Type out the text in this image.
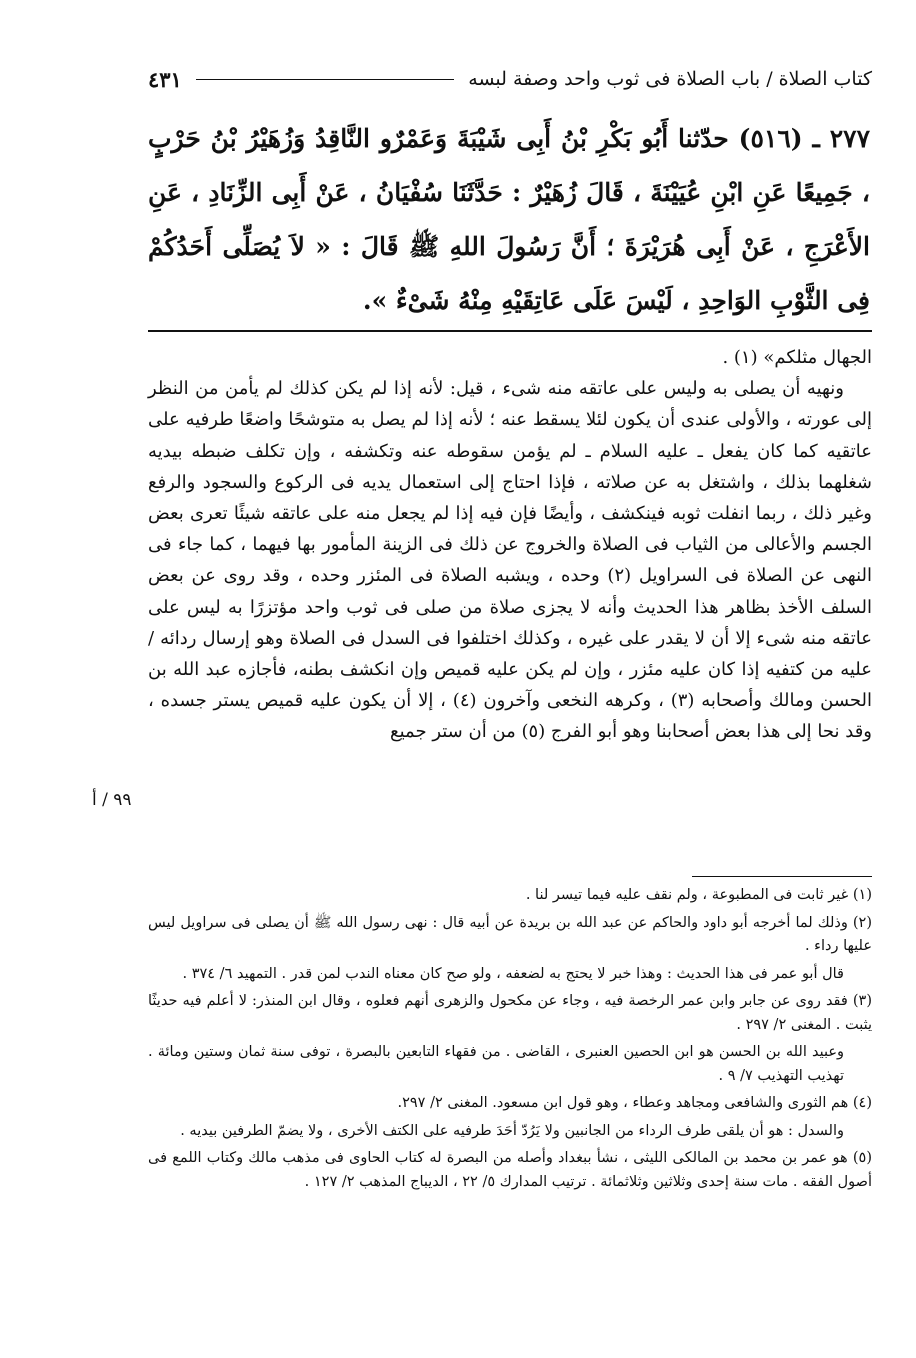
كتاب الصلاة / باب الصلاة فى ثوب واحد وصفة لبسه
٤٣١
٢٧٧ ـ (٥١٦) حدّثنا أَبُو بَكْرِ بْنُ أَبِى شَيْبَةَ وَعَمْرٌو النَّاقِدُ وَزُهَيْرُ بْنُ حَرْبٍ ، جَمِيعًا عَنِ ابْنِ عُيَيْنَةَ ، قَالَ زُهَيْرٌ : حَدَّثَنَا سُفْيَانُ ، عَنْ أَبِى الزِّنَادِ ، عَنِ الأَعْرَجِ ، عَنْ أَبِى هُرَيْرَةَ ؛ أَنَّ رَسُولَ اللهِ ﷺ قَالَ : « لاَ يُصَلِّى أَحَدُكُمْ فِى الثَّوْبِ الوَاحِدِ ، لَيْسَ عَلَى عَاتِقَيْهِ مِنْهُ شَىْءٌ ».

الجهال مثلكم» (١) .

ونهيه أن يصلى به وليس على عاتقه منه شىء ، قيل: لأنه إذا لم يكن كذلك لم يأمن من النظر إلى عورته ، والأولى عندى أن يكون لئلا يسقط عنه ؛ لأنه إذا لم يصل به متوشحًا واضعًا طرفيه على عاتقيه كما كان يفعل ـ عليه السلام ـ لم يؤمن سقوطه عنه وتكشفه ، وإن تكلف ضبطه بيديه شغلهما بذلك ، واشتغل به عن صلاته ، فإذا احتاج إلى استعمال يديه فى الركوع والسجود والرفع وغير ذلك ، ربما انفلت ثوبه فينكشف ، وأيضًا فإن فيه إذا لم يجعل منه على عاتقه شيئًا تعرى بعض الجسم والأعالى من الثياب فى الصلاة والخروج عن ذلك فى الزينة المأمور بها فيهما ، كما جاء فى النهى عن الصلاة فى السراويل (٢) وحده ، ويشبه الصلاة فى المئزر وحده ، وقد روى عن بعض السلف الأخذ بظاهر هذا الحديث وأنه لا يجزى صلاة من صلى فى ثوب واحد مؤتزرًا به ليس على عاتقه منه شىء إلا أن لا يقدر على غيره ، وكذلك اختلفوا فى السدل فى الصلاة وهو إرسال ردائه / عليه من كتفيه إذا كان عليه مئزر ، وإن لم يكن عليه قميص وإن انكشف بطنه، فأجازه عبد الله بن الحسن ومالك وأصحابه (٣) ، وكرهه النخعى وآخرون (٤) ، إلا أن يكون عليه قميص يستر جسده ، وقد نحا إلى هذا بعض أصحابنا وهو أبو الفرج (٥) من أن ستر جميع

٩٩ / أ

(١) غير ثابت فى المطبوعة ، ولم نقف عليه فيما تيسر لنا .

(٢) وذلك لما أخرجه أبو داود والحاكم عن عبد الله بن بريدة عن أبيه قال : نهى رسول الله ﷺ أن يصلى فى سراويل ليس عليها رداء .

قال أبو عمر فى هذا الحديث : وهذا خبر لا يحتج به لضعفه ، ولو صح كان معناه الندب لمن قدر . التمهيد ٦/ ٣٧٤ .

(٣) فقد روى عن جابر وابن عمر الرخصة فيه ، وجاء عن مكحول والزهرى أنهم فعلوه ، وقال ابن المنذر: لا أعلم فيه حديثًا يثبت . المغنى ٢/ ٢٩٧ .

وعبيد الله بن الحسن هو ابن الحصين العنبرى ، القاضى . من فقهاء التابعين بالبصرة ، توفى سنة ثمان وستين ومائة . تهذيب التهذيب ٧/ ٩ .

(٤) هم الثورى والشافعى ومجاهد وعطاء ، وهو قول ابن مسعود. المغنى ٢/ ٢٩٧.

والسدل : هو أن يلقى طرف الرداء من الجانبين ولا يَرُدّ أحَدَ طرفيه على الكتف الأخرى ، ولا يضمّ الطرفين بيديه .

(٥) هو عمر بن محمد بن المالكى الليثى ، نشأ ببغداد وأصله من البصرة له كتاب الحاوى فى مذهب مالك وكتاب اللمع فى أصول الفقه . مات سنة إحدى وثلاثين وثلاثمائة . ترتيب المدارك ٥/ ٢٢ ، الديباج المذهب ٢/ ١٢٧ .
